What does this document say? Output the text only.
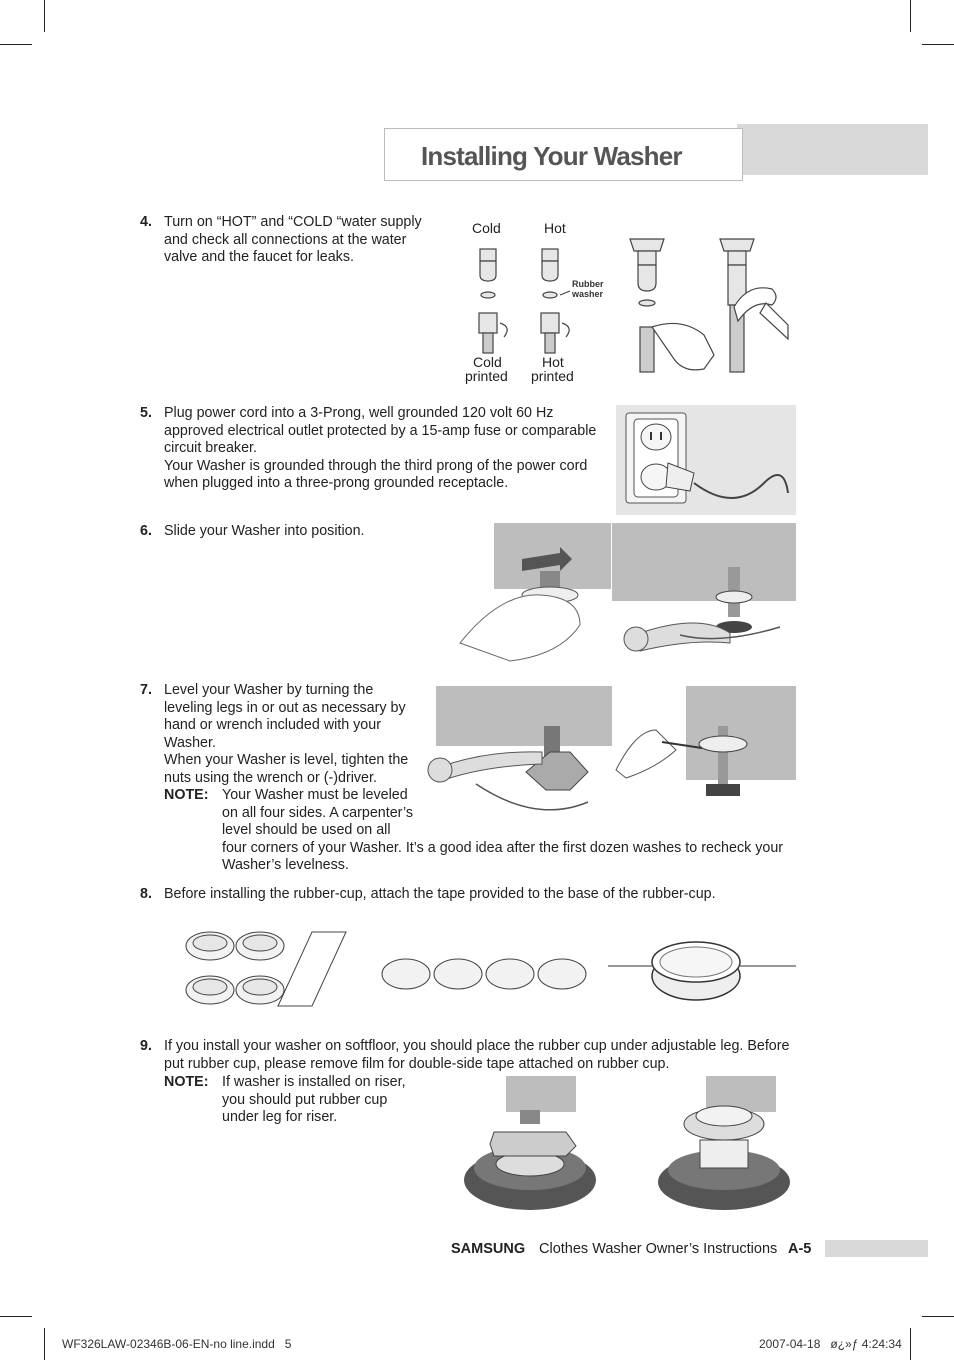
Installing Your Washer
4. Turn on “HOT” and “COLD “water supply
and check all connections at the water
valve and the faucet for leaks.
Cold	Hot
Cold
printed
Hot
printed
Rubber
washer
5. Plug power cord into a 3-Prong, well grounded 120 volt 60 Hz
approved electrical outlet protected by a 15-amp fuse or comparable
circuit breaker.
Your Washer is grounded through the third prong of the power cord
when plugged into a three-prong grounded receptacle.
6. Slide your Washer into position.
7. Level your Washer by turning the
leveling legs in or out as necessary by
hand or wrench included with your
Washer.
When your Washer is level, tighten the
nuts using the wrench or (-)driver.
NOTE: Your Washer must be leveled
on all four sides. A carpenter’s
level should be used on all
four corners of your Washer. It’s a good idea after the first dozen washes to recheck your
Washer’s levelness.
8. Before installing the rubber-cup, attach the tape provided to the base of the rubber-cup.
9. If you install your washer on softfloor, you should place the rubber cup under adjustable leg. Before
put rubber cup, please remove film for double-side tape attached on rubber cup.
NOTE: If washer is installed on riser,
you should put rubber cup
under leg for riser.
SAMSUNG Clothes Washer Owner’s Instructions A-5
WF326LAW-02346B-06-EN-no line.indd   5	2007-04-18   ø¿»ƒ 4:24:34
